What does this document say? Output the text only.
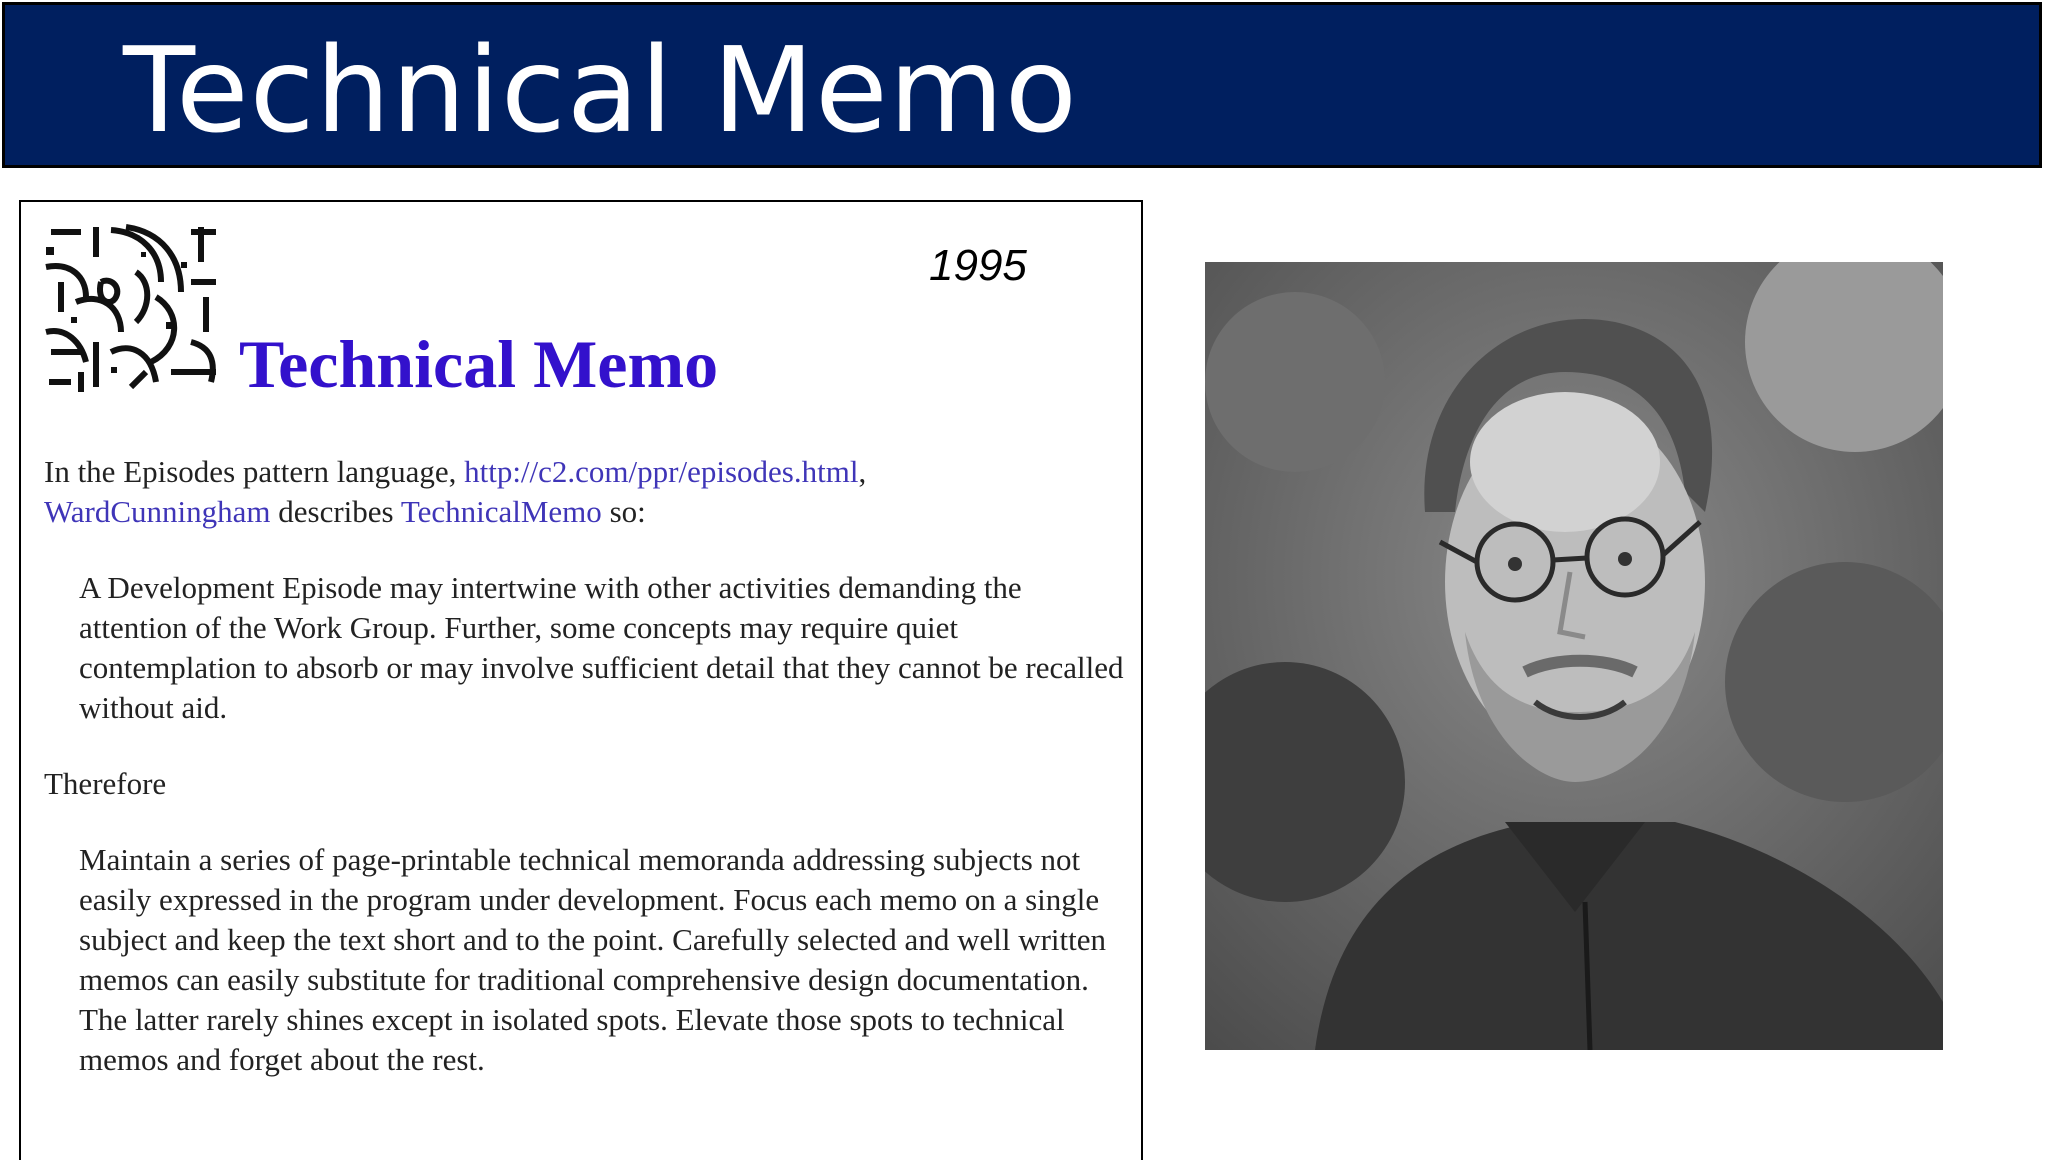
Technical Memo
1995
Technical Memo

In the Episodes pattern language, http://c2.com/ppr/episodes.html,
WardCunningham describes TechnicalMemo so:

A Development Episode may intertwine with other activities demanding the attention of the Work Group. Further, some concepts may require quiet contemplation to absorb or may involve sufficient detail that they cannot be recalled without aid.

Therefore

Maintain a series of page-printable technical memoranda addressing subjects not easily expressed in the program under development. Focus each memo on a single subject and keep the text short and to the point. Carefully selected and well written memos can easily substitute for traditional comprehensive design documentation. The latter rarely shines except in isolated spots. Elevate those spots to technical memos and forget about the rest.
